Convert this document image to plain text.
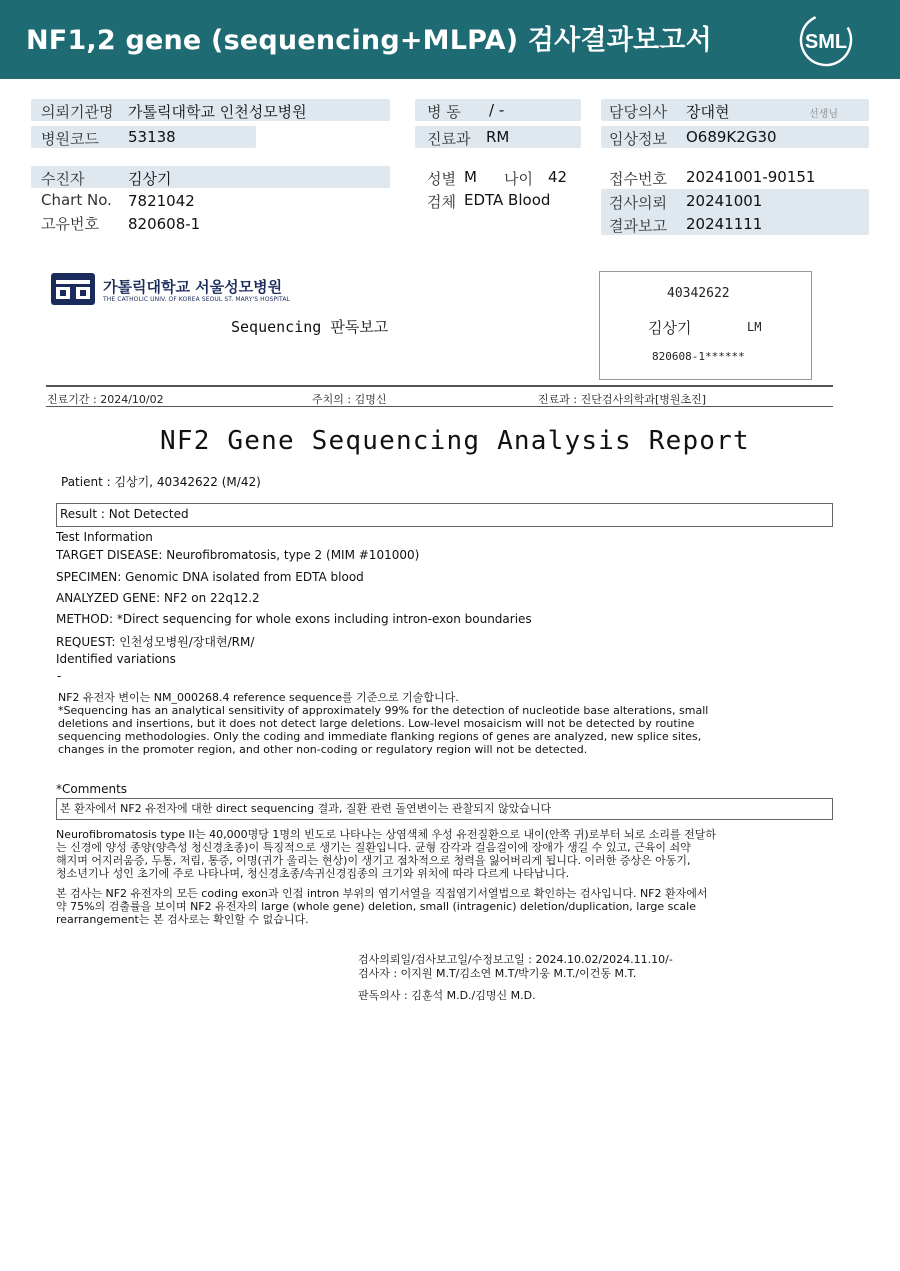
NF1,2 gene (sequencing+MLPA) 검사결과보고서	SML
의뢰기관명 가톨릭대학교 인천성모병원
병원코드 53138
병 동 / -
진료과 RM
담당의사 장대현	선생님
임상정보 O689K2G30
수진자	김상기
Chart No. 7821042
고유번호 820608-1
성별 M 나이 42
검체 EDTA Blood
접수번호 20241001-90151
검사의뢰 20241001
결과보고 20241111
가톨릭대학교 서울성모병원
THE CATHOLIC UNIV. OF KOREA SEOUL ST. MARY'S HOSPITAL
Sequencing 판독보고
40342622
김상기	LM
820608-1******
진료기간 : 2024/10/02	주치의 : 김명신	진료과 : 진단검사의학과[병원초진]
NF2 Gene Sequencing Analysis Report
Patient : 김상기, 40342622 (M/42)
Result : Not Detected
Test Information
TARGET DISEASE: Neurofibromatosis, type 2 (MIM #101000)
SPECIMEN: Genomic DNA isolated from EDTA blood
ANALYZED GENE: NF2 on 22q12.2
METHOD: *Direct sequencing for whole exons including intron-exon boundaries
REQUEST: 인천성모병원/장대현/RM/
Identified variations
-
NF2 유전자 변이는 NM_000268.4 reference sequence를 기준으로 기술합니다.
*Sequencing has an analytical sensitivity of approximately 99% for the detection of nucleotide base alterations, small
deletions and insertions, but it does not detect large deletions. Low-level mosaicism will not be detected by routine
sequencing methodologies. Only the coding and immediate flanking regions of genes are analyzed, new splice sites,
changes in the promoter region, and other non-coding or regulatory region will not be detected.
*Comments
본 환자에서 NF2 유전자에 대한 direct sequencing 결과, 질환 관련 돌연변이는 관찰되지 않았습니다
Neurofibromatosis type II는 40,000명당 1명의 빈도로 나타나는 상염색체 우성 유전질환으로 내이(안쪽 귀)로부터 뇌로 소리를 전달하
는 신경에 양성 종양(양측성 청신경초종)이 특징적으로 생기는 질환입니다. 균형 감각과 걸음걸이에 장애가 생길 수 있고, 근육이 쇠약
해지며 어지러움증, 두통, 저림, 통증, 이명(귀가 울리는 현상)이 생기고 점차적으로 청력을 잃어버리게 됩니다. 이러한 증상은 아동기,
청소년기나 성인 초기에 주로 나타나며, 청신경초종/속귀신경집종의 크기와 위치에 따라 다르게 나타납니다.
본 검사는 NF2 유전자의 모든 coding exon과 인접 intron 부위의 염기서열을 직접염기서열법으로 확인하는 검사입니다. NF2 환자에서
약 75%의 검출률을 보이며 NF2 유전자의 large (whole gene) deletion, small (intragenic) deletion/duplication, large scale
rearrangement는 본 검사로는 확인할 수 없습니다.
검사의뢰일/검사보고일/수정보고일 : 2024.10.02/2024.11.10/-
검사자 : 이지원 M.T/김소연 M.T/박기웅 M.T./이건동 M.T.
판독의사 : 김훈석 M.D./김명신 M.D.
